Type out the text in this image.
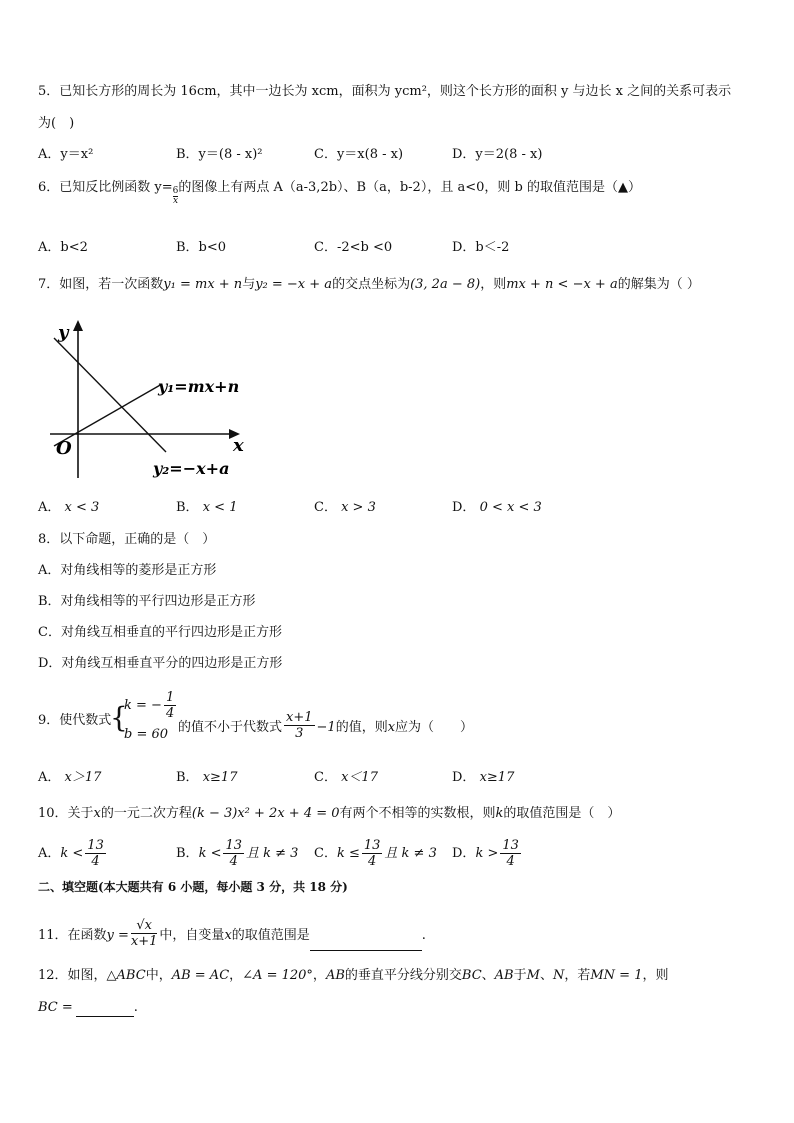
5．已知长方形的周长为 16cm，其中一边长为 xcm，面积为 ycm²，则这个长方形的面积 y 与边长 x 之间的关系可表示
为(　)
A．y＝x²	B．y＝(8 - x)²	C．y＝x(8 - x)	D．y＝2(8 - x)
6．已知反比例函数 $y= \frac{6}{x}$的图像上有两点 A（a-3,2b）、B（a，b-2），且 a<0，则 b 的取值范围是（▲）
A．b<2	B．b<0	C．-2<b <0	D．b＜-2
7．如图，若一次函数y₁ = mx + n与y₂ = −x + a的交点坐标为(3, 2a − 8)，则mx + n < −x + a的解集为（ ）
y
x
O
y₁=mx+n
y₂=−x+a
A． x < 3	B． x < 1	C． x > 3	D． 0 < x < 3
8．以下命题，正确的是（　）
A．对角线相等的菱形是正方形
B．对角线相等的平行四边形是正方形
C．对角线互相垂直的平行四边形是正方形
D．对角线互相垂直平分的四边形是正方形
9．使代数式
{
k = − $\frac{1}{4}$
b = 60 的值不小于代数式 $\frac{x+1}{3} -1$的值，则x应为（　　）
A． x＞17	B． x≥17	C． x＜17	D． x≥17
10．关于x的一元二次方程(k − 3)x² + 2x + 4 = 0有两个不相等的实数根，则k的取值范围是（　）
A．$k < \frac{13}{4}$	B．$k < \frac{13}{4}$ 且 k ≠ 3 C．$k \le \frac{13}{4}$ 且 k ≠ 3 D．$k > \frac{13}{4}$
二、填空题(本大题共有 6 小题，每小题 3 分，共 18 分)
11．在函数$y = \frac{√x}{x+1}$ 中，自变量x的取值范围是	.
12．如图，△ABC中，AB = AC，∠A = 120°，AB的垂直平分线分别交BC、AB于M、N，若MN = 1，则
BC =	.
